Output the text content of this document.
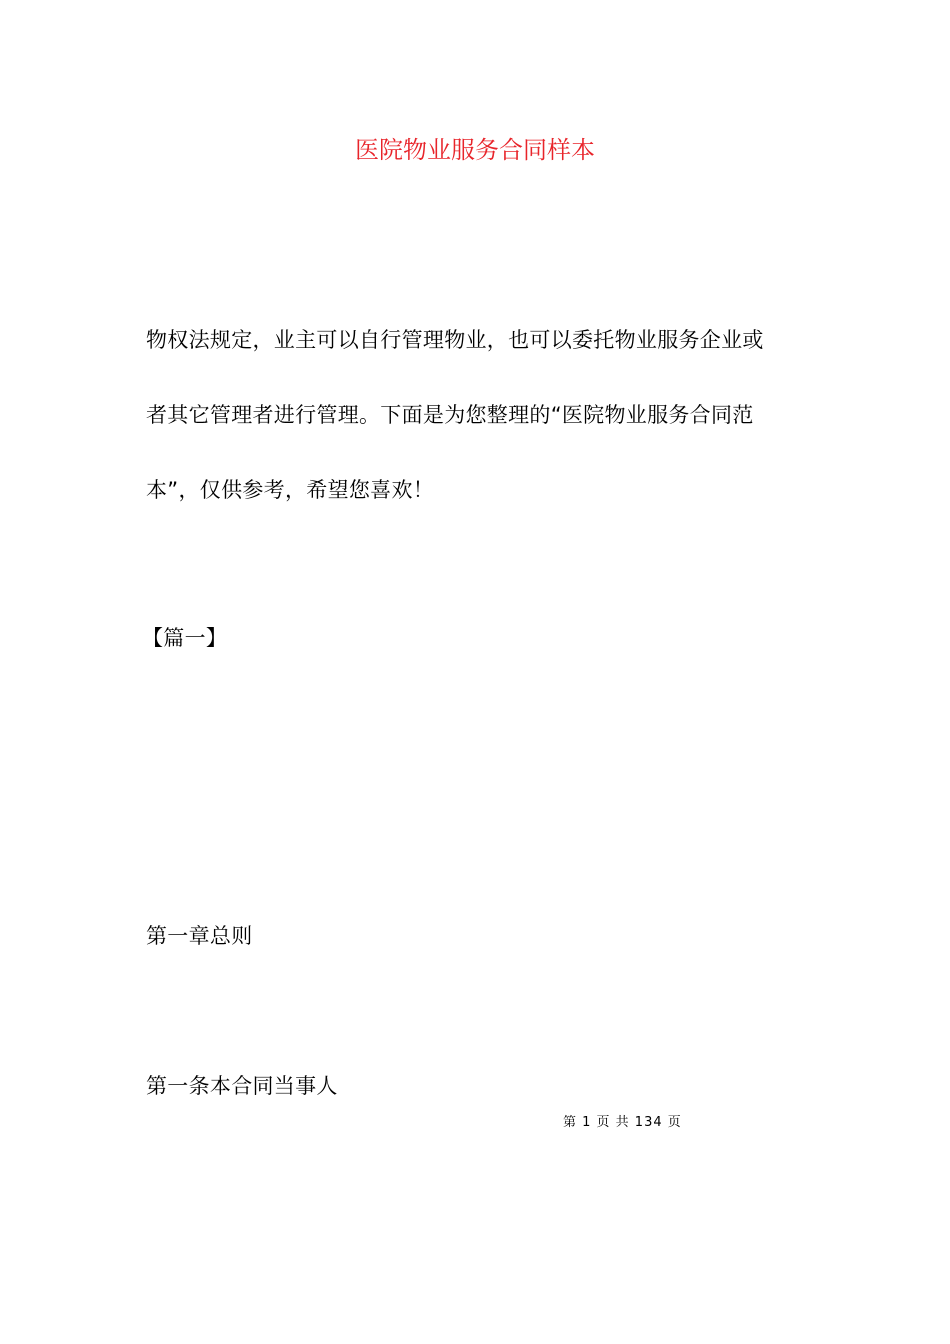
医院物业服务合同样本
物权法规定，业主可以自行管理物业，也可以委托物业服务企业或
者其它管理者进行管理。下面是为您整理的“医院物业服务合同范
本”，仅供参考，希望您喜欢！
【篇一】
第一章总则
第一条本合同当事人
第 1 页 共 134 页
